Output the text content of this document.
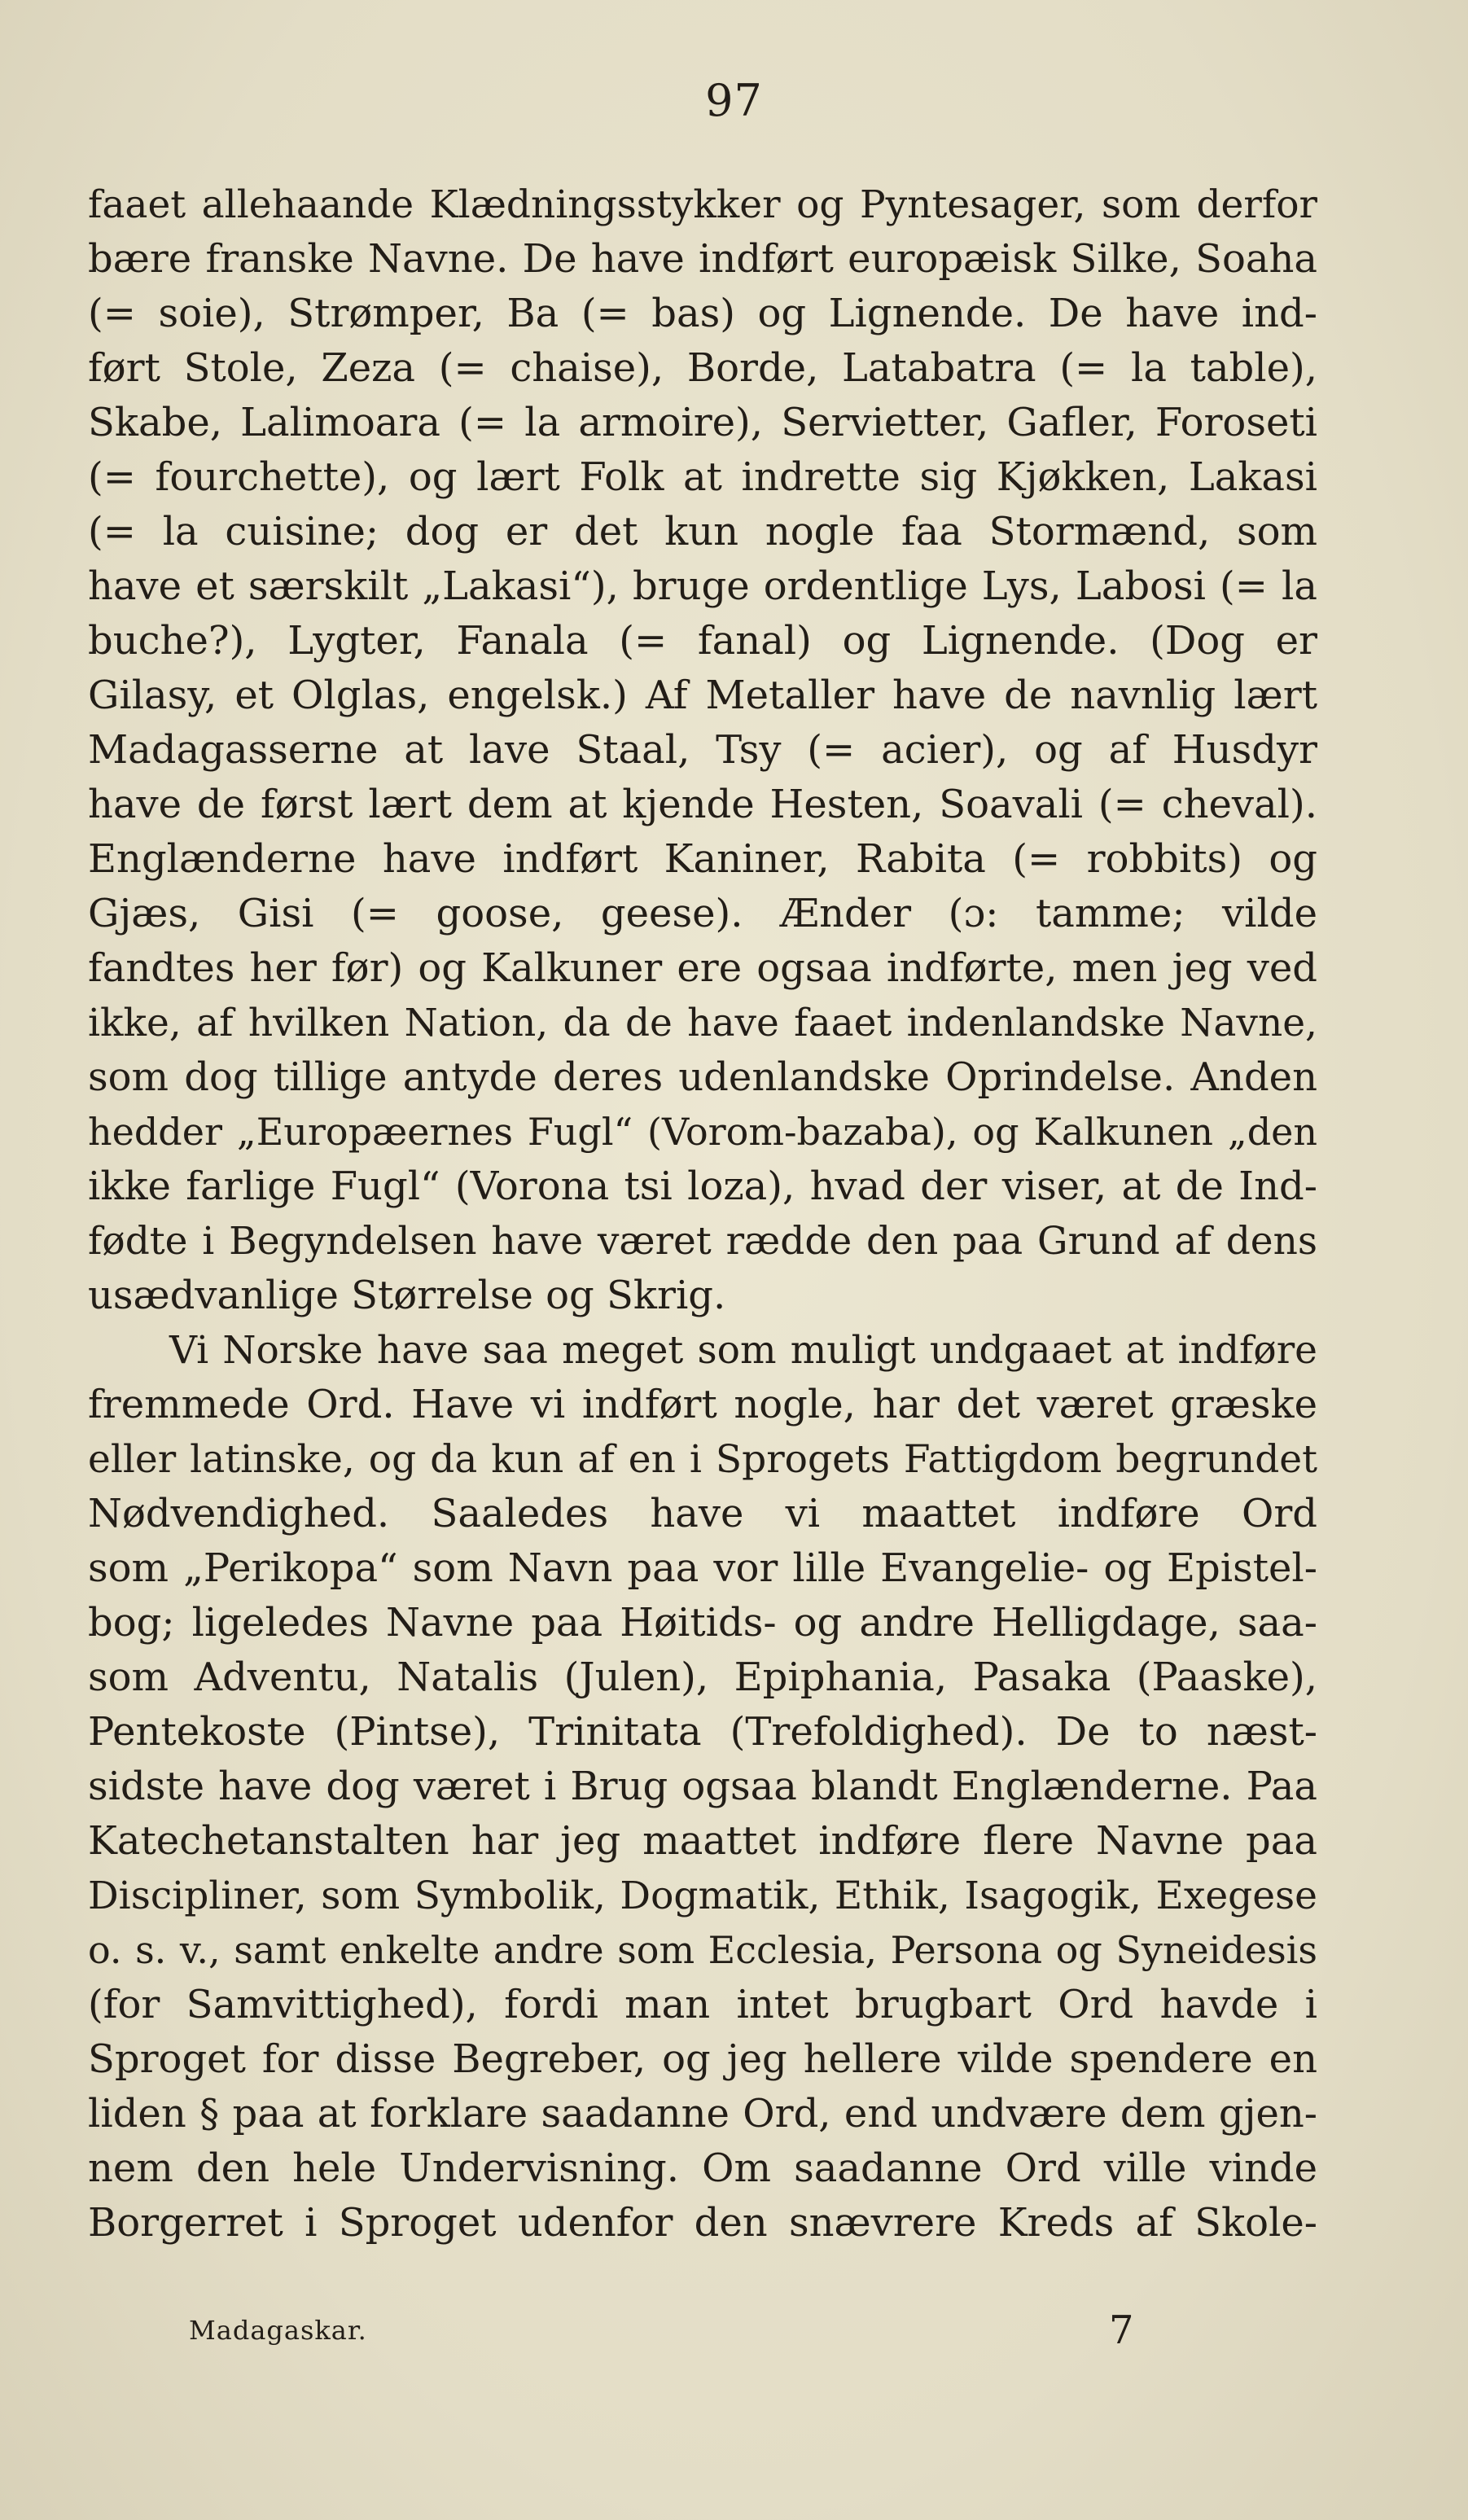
97
faaet allehaande Klædningsstykker og Pyntesager, som derfor
bære franske Navne. De have indført europæisk Silke, Soaha
(= soie), Strømper, Ba (= bas) og Lignende. De have ind-
ført Stole, Zeza (= chaise), Borde, Latabatra (= la table),
Skabe, Lalimoara (= la armoire), Servietter, Gafler, Foroseti
(= fourchette), og lært Folk at indrette sig Kjøkken, Lakasi
(= la cuisine; dog er det kun nogle faa Stormænd, som
have et særskilt „Lakasi“), bruge ordentlige Lys, Labosi (= la
buche?), Lygter, Fanala (= fanal) og Lignende. (Dog er
Gilasy, et Olglas, engelsk.) Af Metaller have de navnlig lært
Madagasserne at lave Staal, Tsy (= acier), og af Husdyr
have de først lært dem at kjende Hesten, Soavali (= cheval).
Englænderne have indført Kaniner, Rabita (= robbits) og
Gjæs, Gisi (= goose, geese). Ænder (ɔ: tamme; vilde
fandtes her før) og Kalkuner ere ogsaa indførte, men jeg ved
ikke, af hvilken Nation, da de have faaet indenlandske Navne,
som dog tillige antyde deres udenlandske Oprindelse. Anden
hedder „Europæernes Fugl“ (Vorom-bazaba), og Kalkunen „den
ikke farlige Fugl“ (Vorona tsi loza), hvad der viser, at de Ind-
fødte i Begyndelsen have været rædde den paa Grund af dens
usædvanlige Størrelse og Skrig.
Vi Norske have saa meget som muligt undgaaet at indføre
fremmede Ord. Have vi indført nogle, har det været græske
eller latinske, og da kun af en i Sprogets Fattigdom begrundet
Nødvendighed. Saaledes have vi maattet indføre Ord
som „Perikopa“ som Navn paa vor lille Evangelie- og Epistel-
bog; ligeledes Navne paa Høitids- og andre Helligdage, saa-
som Adventu, Natalis (Julen), Epiphania, Pasaka (Paaske),
Pentekoste (Pintse), Trinitata (Trefoldighed). De to næst-
sidste have dog været i Brug ogsaa blandt Englænderne. Paa
Katechetanstalten har jeg maattet indføre flere Navne paa
Discipliner, som Symbolik, Dogmatik, Ethik, Isagogik, Exegese
o. s. v., samt enkelte andre som Ecclesia, Persona og Syneidesis
(for Samvittighed), fordi man intet brugbart Ord havde i
Sproget for disse Begreber, og jeg hellere vilde spendere en
liden § paa at forklare saadanne Ord, end undvære dem gjen-
nem den hele Undervisning. Om saadanne Ord ville vinde
Borgerret i Sproget udenfor den snævrere Kreds af Skole-
Madagaskar.	7
